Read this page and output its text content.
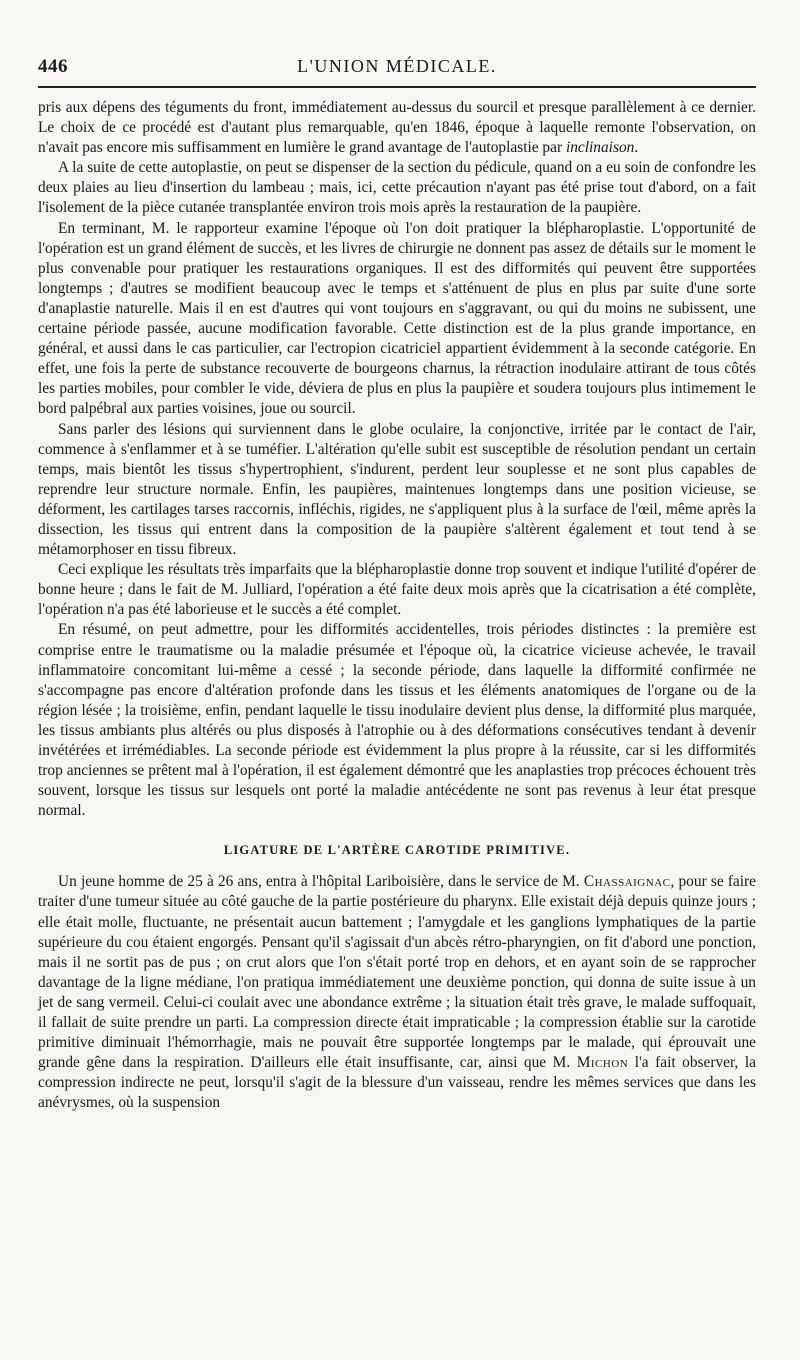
446	L'UNION MÉDICALE.

pris aux dépens des téguments du front, immédiatement au-dessus du sourcil et presque parallèlement à ce dernier. Le choix de ce procédé est d'autant plus remarquable, qu'en 1846, époque à laquelle remonte l'observation, on n'avait pas encore mis suffisamment en lumière le grand avantage de l'autoplastie par inclinaison.

A la suite de cette autoplastie, on peut se dispenser de la section du pédicule, quand on a eu soin de confondre les deux plaies au lieu d'insertion du lambeau ; mais, ici, cette précaution n'ayant pas été prise tout d'abord, on a fait l'isolement de la pièce cutanée transplantée environ trois mois après la restauration de la paupière.

En terminant, M. le rapporteur examine l'époque où l'on doit pratiquer la blépharoplastie. L'opportunité de l'opération est un grand élément de succès, et les livres de chirurgie ne donnent pas assez de détails sur le moment le plus convenable pour pratiquer les restaurations organiques. Il est des difformités qui peuvent être supportées longtemps ; d'autres se modifient beaucoup avec le temps et s'atténuent de plus en plus par suite d'une sorte d'anaplastie naturelle. Mais il en est d'autres qui vont toujours en s'aggravant, ou qui du moins ne subissent, une certaine période passée, aucune modification favorable. Cette distinction est de la plus grande importance, en général, et aussi dans le cas particulier, car l'ectropion cicatriciel appartient évidemment à la seconde catégorie. En effet, une fois la perte de substance recouverte de bourgeons charnus, la rétraction inodulaire attirant de tous côtés les parties mobiles, pour combler le vide, déviera de plus en plus la paupière et soudera toujours plus intimement le bord palpébral aux parties voisines, joue ou sourcil.

Sans parler des lésions qui surviennent dans le globe oculaire, la conjonctive, irritée par le contact de l'air, commence à s'enflammer et à se tuméfier. L'altération qu'elle subit est susceptible de résolution pendant un certain temps, mais bientôt les tissus s'hypertrophient, s'indurent, perdent leur souplesse et ne sont plus capables de reprendre leur structure normale. Enfin, les paupières, maintenues longtemps dans une position vicieuse, se déforment, les cartilages tarses raccornis, infléchis, rigides, ne s'appliquent plus à la surface de l'œil, même après la dissection, les tissus qui entrent dans la composition de la paupière s'altèrent également et tout tend à se métamorphoser en tissu fibreux.

Ceci explique les résultats très imparfaits que la blépharoplastie donne trop souvent et indique l'utilité d'opérer de bonne heure ; dans le fait de M. Julliard, l'opération a été faite deux mois après que la cicatrisation a été complète, l'opération n'a pas été laborieuse et le succès a été complet.

En résumé, on peut admettre, pour les difformités accidentelles, trois périodes distinctes : la première est comprise entre le traumatisme ou la maladie présumée et l'époque où, la cicatrice vicieuse achevée, le travail inflammatoire concomitant lui-même a cessé ; la seconde période, dans laquelle la difformité confirmée ne s'accompagne pas encore d'altération profonde dans les tissus et les éléments anatomiques de l'organe ou de la région lésée ; la troisième, enfin, pendant laquelle le tissu inodulaire devient plus dense, la difformité plus marquée, les tissus ambiants plus altérés ou plus disposés à l'atrophie ou à des déformations consécutives tendant à devenir invétérées et irrémédiables. La seconde période est évidemment la plus propre à la réussite, car si les difformités trop anciennes se prêtent mal à l'opération, il est également démontré que les anaplasties trop précoces échouent très souvent, lorsque les tissus sur lesquels ont porté la maladie antécédente ne sont pas revenus à leur état presque normal.

LIGATURE DE L'ARTÈRE CAROTIDE PRIMITIVE.

Un jeune homme de 25 à 26 ans, entra à l'hôpital Lariboisière, dans le service de M. Chassaignac, pour se faire traiter d'une tumeur située au côté gauche de la partie postérieure du pharynx. Elle existait déjà depuis quinze jours ; elle était molle, fluctuante, ne présentait aucun battement ; l'amygdale et les ganglions lymphatiques de la partie supérieure du cou étaient engorgés. Pensant qu'il s'agissait d'un abcès rétro-pharyngien, on fit d'abord une ponction, mais il ne sortit pas de pus ; on crut alors que l'on s'était porté trop en dehors, et en ayant soin de se rapprocher davantage de la ligne médiane, l'on pratiqua immédiatement une deuxième ponction, qui donna de suite issue à un jet de sang vermeil. Celui-ci coulait avec une abondance extrême ; la situation était très grave, le malade suffoquait, il fallait de suite prendre un parti. La compression directe était impraticable ; la compression établie sur la carotide primitive diminuait l'hémorrhagie, mais ne pouvait être supportée longtemps par le malade, qui éprouvait une grande gêne dans la respiration. D'ailleurs elle était insuffisante, car, ainsi que M. Michon l'a fait observer, la compression indirecte ne peut, lorsqu'il s'agit de la blessure d'un vaisseau, rendre les mêmes services que dans les anévrysmes, où la suspension
